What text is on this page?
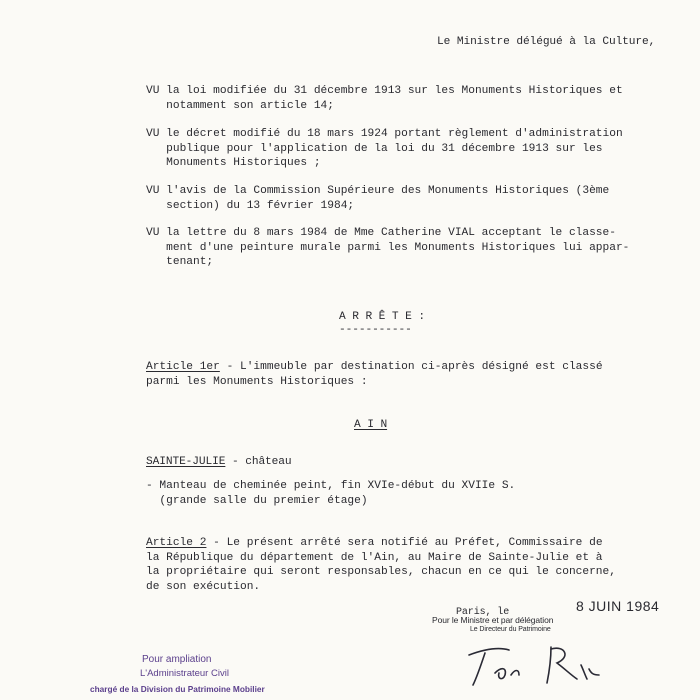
Le Ministre délégué à la Culture,
VU la loi modifiée du 31 décembre 1913 sur les Monuments Historiques et
notamment son article 14;
VU le décret modifié du 18 mars 1924 portant règlement d'administration
publique pour l'application de la loi du 31 décembre 1913 sur les
Monuments Historiques ;
VU l'avis de la Commission Supérieure des Monuments Historiques (3ème
section) du 13 février 1984;
VU la lettre du 8 mars 1984 de Mme Catherine VIAL acceptant le classe-
ment d'une peinture murale parmi les Monuments Historiques lui appar-
tenant;
A R R Ê T E :
-----------
Article 1er - L'immeuble par destination ci-après désigné est classé
parmi les Monuments Historiques :
A I N
SAINTE-JULIE - château
- Manteau de cheminée peint, fin XVIe-début du XVIIe S.
(grande salle du premier étage)
Article 2 - Le présent arrêté sera notifié au Préfet, Commissaire de
la République du département de l'Ain, au Maire de Sainte-Julie et à
la propriétaire qui seront responsables, chacun en ce qui le concerne,
de son exécution.
Paris, le	8 JUIN 1984
Pour le Ministre et par délégation
Le Directeur du Patrimoine
Pour ampliation
L'Administrateur Civil
chargé de la Division du Patrimoine Mobilier
